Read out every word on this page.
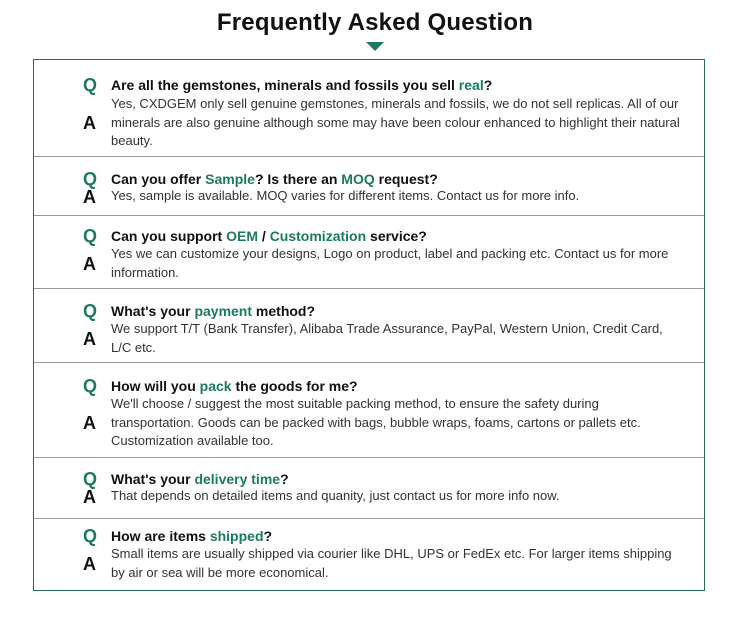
Frequently Asked Question
Q Are all the gemstones, minerals and fossils you sell real?
A
Yes, CXDGEM only sell genuine gemstones, minerals and fossils, we do not sell replicas. All of our minerals are also genuine although some may have been colour enhanced to highlight their natural beauty.
Q Can you offer Sample? Is there an MOQ request?
A Yes, sample is available. MOQ varies for different items. Contact us for more info.
Q Can you support OEM / Customization service?
A
Yes we can customize your designs, Logo on product, label and packing etc. Contact us for more information.
Q What's your payment method?
A
We support T/T (Bank Transfer), Alibaba Trade Assurance, PayPal, Western Union, Credit Card, L/C etc.
Q How will you pack the goods for me?
A
We'll choose / suggest the most suitable packing method, to ensure the safety during transportation. Goods can be packed with bags, bubble wraps, foams, cartons or pallets etc. Customization available too.
Q What's your delivery time?
A That depends on detailed items and quanity, just contact us for more info now.
Q How are items shipped?
A
Small items are usually shipped via courier like DHL, UPS or FedEx etc. For larger items shipping by air or sea will be more economical.
